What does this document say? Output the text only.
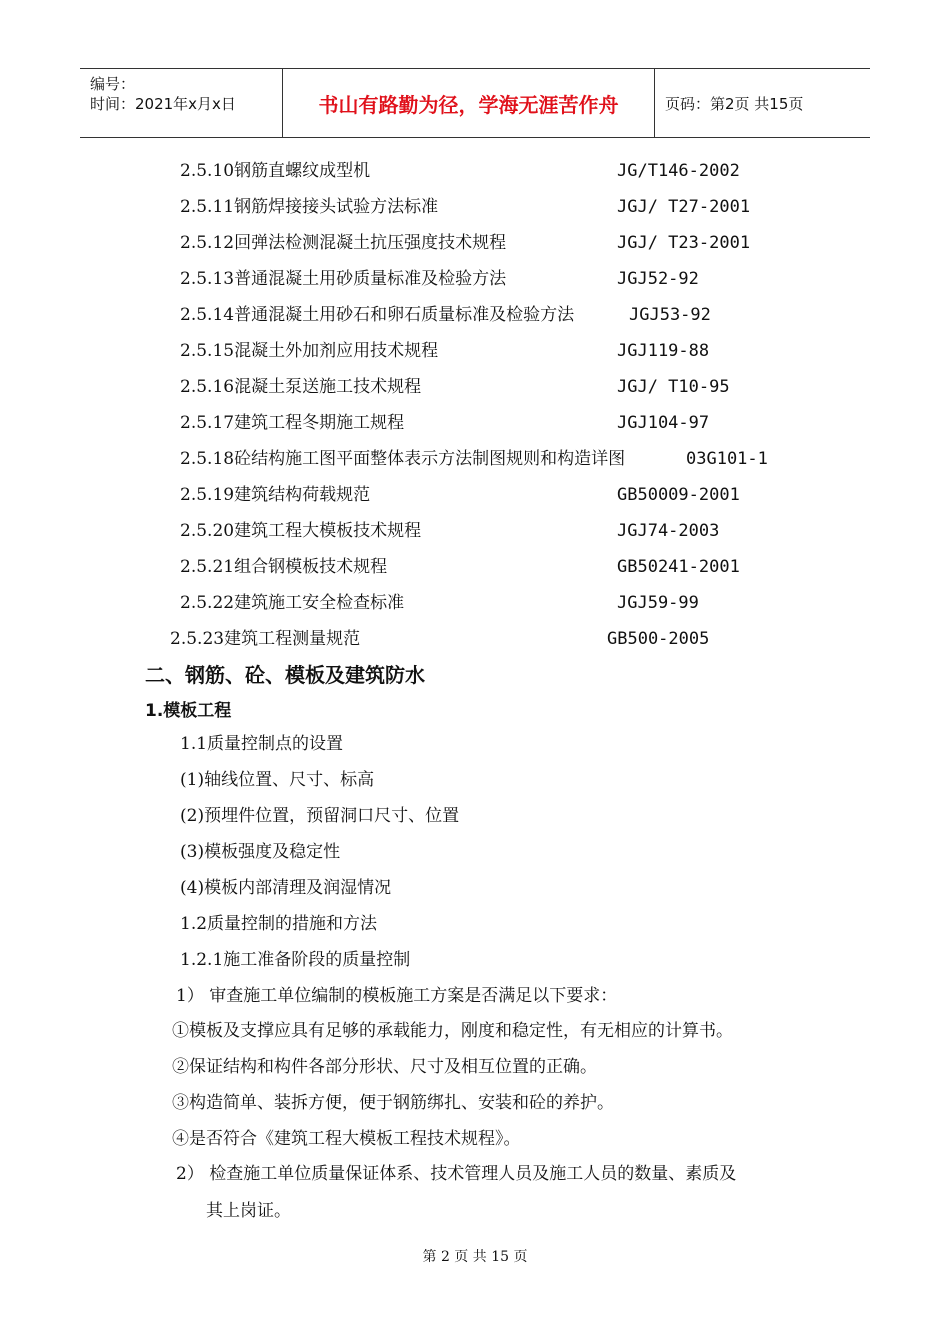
编号：
时间：2021年x月x日	书山有路勤为径，学海无涯苦作舟	页码：第2页 共15页
2.5.10钢筋直螺纹成型机	JG/T146-2002
2.5.11钢筋焊接接头试验方法标准	JGJ/ T27-2001
2.5.12回弹法检测混凝土抗压强度技术规程	JGJ/ T23-2001
2.5.13普通混凝土用砂质量标准及检验方法	JGJ52-92
2.5.14普通混凝土用砂石和卵石质量标准及检验方法	JGJ53-92
2.5.15混凝土外加剂应用技术规程	JGJ119-88
2.5.16混凝土泵送施工技术规程	JGJ/ T10-95
2.5.17建筑工程冬期施工规程	JGJ104-97
2.5.18砼结构施工图平面整体表示方法制图规则和构造详图	03G101-1
2.5.19建筑结构荷载规范	GB50009-2001
2.5.20建筑工程大模板技术规程	JGJ74-2003
2.5.21组合钢模板技术规程	GB50241-2001
2.5.22建筑施工安全检查标准	JGJ59-99
2.5.23建筑工程测量规范	GB500-2005
二、钢筋、砼、模板及建筑防水
1.模板工程
1.1质量控制点的设置
(1)轴线位置、尺寸、标高
(2)预埋件位置，预留洞口尺寸、位置
(3)模板强度及稳定性
(4)模板内部清理及润湿情况
1.2质量控制的措施和方法
1.2.1施工准备阶段的质量控制
1） 审查施工单位编制的模板施工方案是否满足以下要求：
①模板及支撑应具有足够的承载能力，刚度和稳定性，有无相应的计算书。
②保证结构和构件各部分形状、尺寸及相互位置的正确。
③构造简单、装拆方便，便于钢筋绑扎、安装和砼的养护。
④是否符合《建筑工程大模板工程技术规程》。
2） 检查施工单位质量保证体系、技术管理人员及施工人员的数量、素质及
其上岗证。
第 2 页 共 15 页
